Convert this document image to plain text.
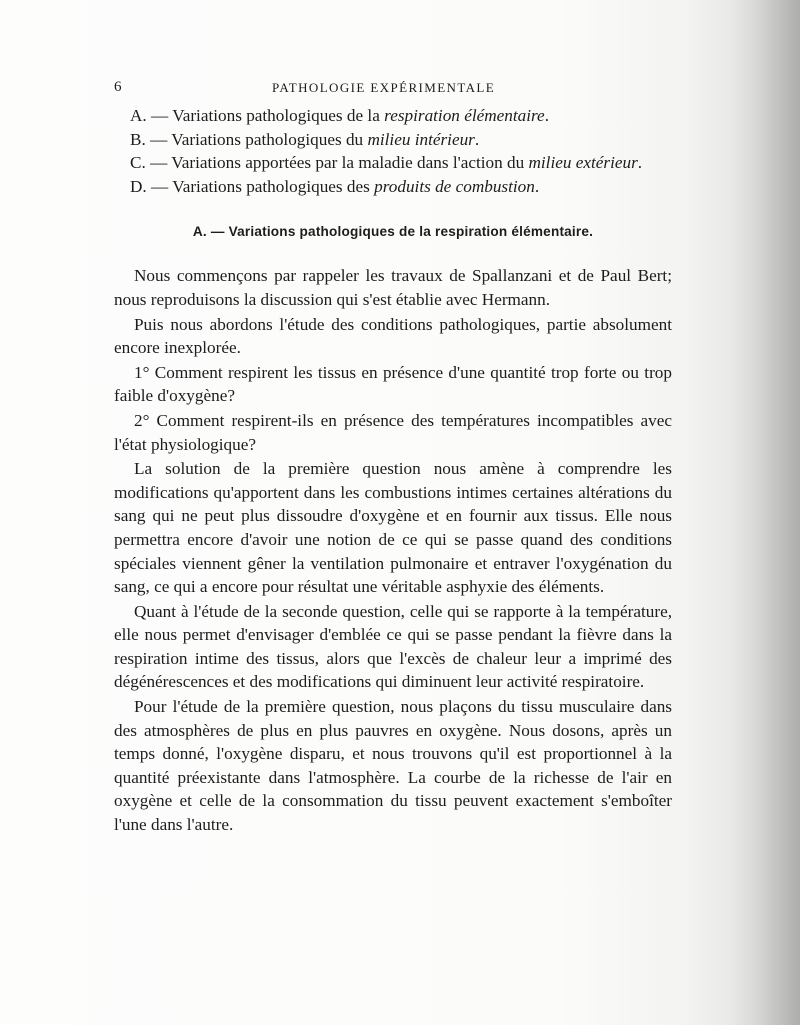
6	PATHOLOGIE EXPÉRIMENTALE

A. — Variations pathologiques de la respiration élémentaire.

B. — Variations pathologiques du milieu intérieur.

C. — Variations apportées par la maladie dans l'action du milieu extérieur.

D. — Variations pathologiques des produits de combustion.

A. — Variations pathologiques de la respiration élémentaire.

Nous commençons par rappeler les travaux de Spallanzani et de Paul Bert; nous reproduisons la discussion qui s'est établie avec Hermann.

Puis nous abordons l'étude des conditions pathologiques, partie absolument encore inexplorée.

1° Comment respirent les tissus en présence d'une quantité trop forte ou trop faible d'oxygène?

2° Comment respirent-ils en présence des températures incompatibles avec l'état physiologique?

La solution de la première question nous amène à comprendre les modifications qu'apportent dans les combustions intimes certaines altérations du sang qui ne peut plus dissoudre d'oxygène et en fournir aux tissus. Elle nous permettra encore d'avoir une notion de ce qui se passe quand des conditions spéciales viennent gêner la ventilation pulmonaire et entraver l'oxygénation du sang, ce qui a encore pour résultat une véritable asphyxie des éléments.

Quant à l'étude de la seconde question, celle qui se rapporte à la température, elle nous permet d'envisager d'emblée ce qui se passe pendant la fièvre dans la respiration intime des tissus, alors que l'excès de chaleur leur a imprimé des dégénérescences et des modifications qui diminuent leur activité respiratoire.

Pour l'étude de la première question, nous plaçons du tissu musculaire dans des atmosphères de plus en plus pauvres en oxygène. Nous dosons, après un temps donné, l'oxygène disparu, et nous trouvons qu'il est proportionnel à la quantité préexistante dans l'atmosphère. La courbe de la richesse de l'air en oxygène et celle de la consommation du tissu peuvent exactement s'emboîter l'une dans l'autre.
